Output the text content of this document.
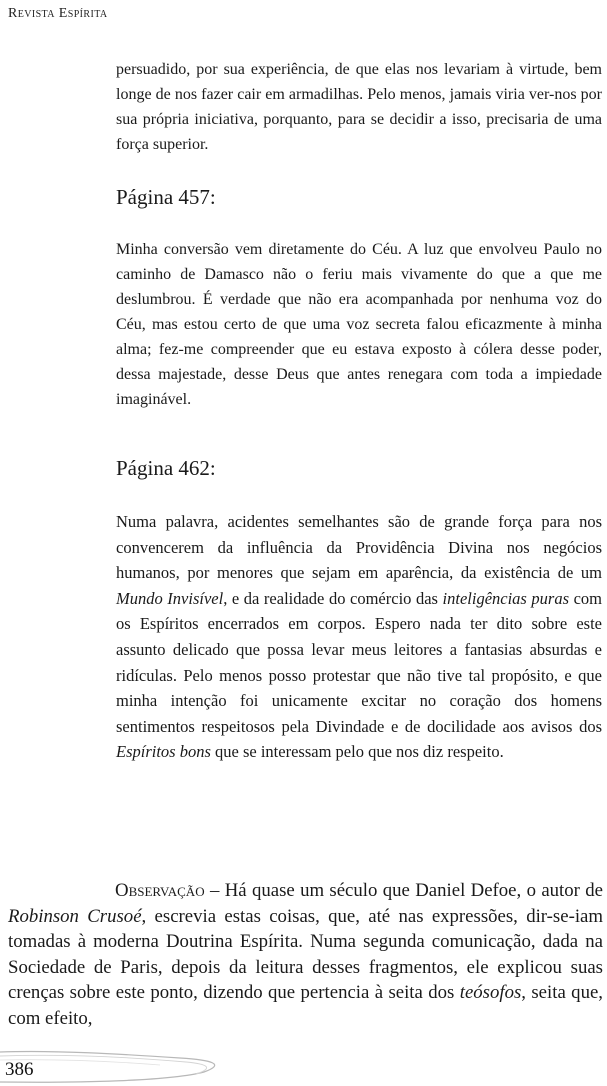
Revista Espírita

persuadido, por sua experiência, de que elas nos levariam à virtude, bem longe de nos fazer cair em armadilhas. Pelo menos, jamais viria ver-nos por sua própria iniciativa, porquanto, para se decidir a isso, precisaria de uma força superior.

Página 457:

Minha conversão vem diretamente do Céu. A luz que envolveu Paulo no caminho de Damasco não o feriu mais vivamente do que a que me deslumbrou. É verdade que não era acompanhada por nenhuma voz do Céu, mas estou certo de que uma voz secreta falou eficazmente à minha alma; fez-me compreender que eu estava exposto à cólera desse poder, dessa majestade, desse Deus que antes renegara com toda a impiedade imaginável.

Página 462:

Numa palavra, acidentes semelhantes são de grande força para nos convencerem da influência da Providência Divina nos negócios humanos, por menores que sejam em aparência, da existência de um Mundo Invisível, e da realidade do comércio das inteligências puras com os Espíritos encerrados em corpos. Espero nada ter dito sobre este assunto delicado que possa levar meus leitores a fantasias absurdas e ridículas. Pelo menos posso protestar que não tive tal propósito, e que minha intenção foi unicamente excitar no coração dos homens sentimentos respeitosos pela Divindade e de docilidade aos avisos dos Espíritos bons que se interessam pelo que nos diz respeito.

Observação – Há quase um século que Daniel Defoe, o autor de Robinson Crusoé, escrevia estas coisas, que, até nas expressões, dir-se-iam tomadas à moderna Doutrina Espírita. Numa segunda comunicação, dada na Sociedade de Paris, depois da leitura desses fragmentos, ele explicou suas crenças sobre este ponto, dizendo que pertencia à seita dos teósofos, seita que, com efeito,

386
